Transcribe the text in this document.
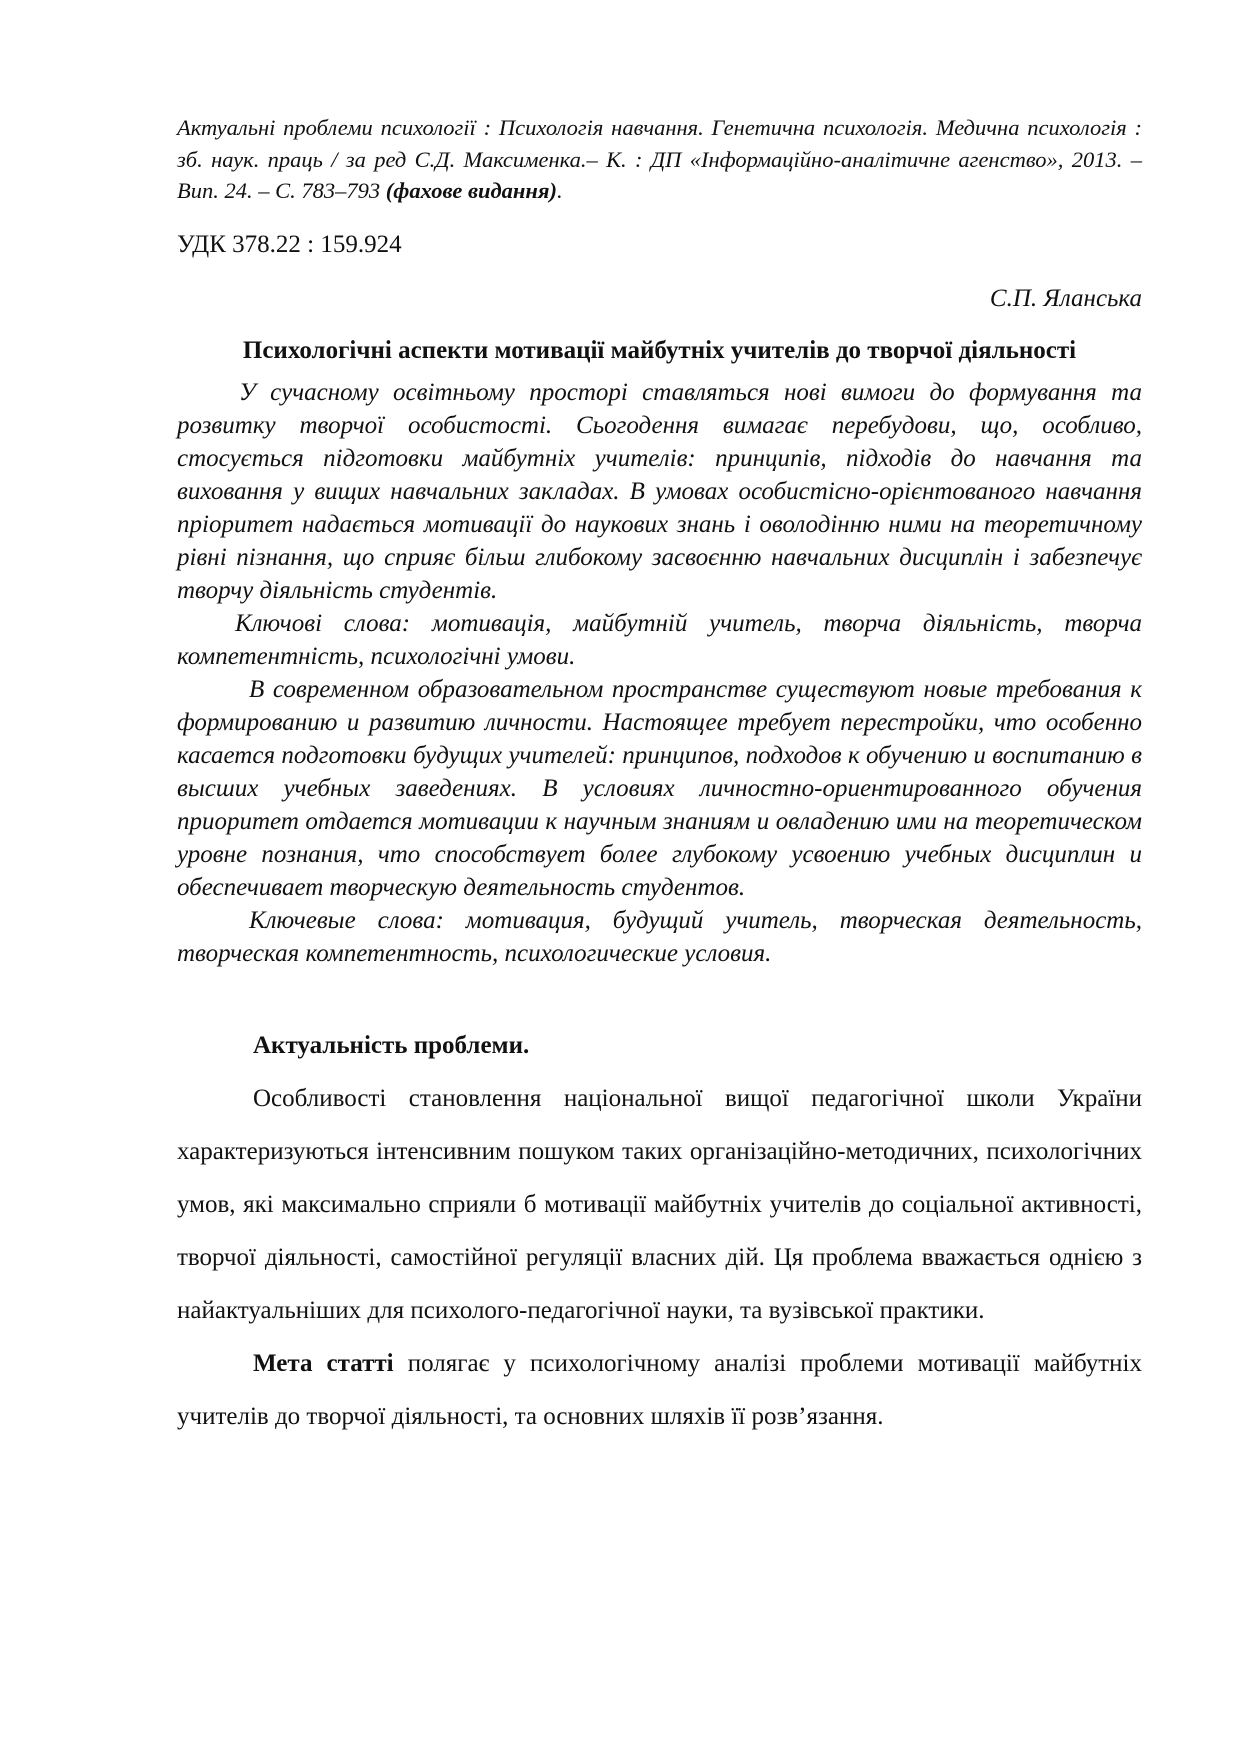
Актуальні проблеми психології : Психологія навчання. Генетична психологія. Медична психологія : зб. наук. праць / за ред С.Д. Максименка.– К. : ДП «Інформаційно-аналітичне агенство», 2013. – Вип. 24. – С. 783–793 (фахове видання).

УДК 378.22 : 159.924
С.П. Яланська
Психологічні аспекти мотивації майбутніх учителів до творчої діяльності

У сучасному освітньому просторі ставляться нові вимоги до формування та розвитку творчої особистості. Сьогодення вимагає перебудови, що, особливо, стосується підготовки майбутніх учителів: принципів, підходів до навчання та виховання у вищих навчальних закладах. В умовах особистісно-орієнтованого навчання пріоритет надається мотивації до наукових знань і оволодінню ними на теоретичному рівні пізнання, що сприяє більш глибокому засвоєнню навчальних дисциплін і забезпечує творчу діяльність студентів.

Ключові слова: мотивація, майбутній учитель, творча діяльність, творча компетентність, психологічні умови.

В современном образовательном пространстве существуют новые требования к формированию и развитию личности. Настоящее требует перестройки, что особенно касается подготовки будущих учителей: принципов, подходов к обучению и воспитанию в высших учебных заведениях. В условиях личностно-ориентированного обучения приоритет отдается мотивации к научным знаниям и овладению ими на теоретическом уровне познания, что способствует более глубокому усвоению учебных дисциплин и обеспечивает творческую деятельность студентов.

Ключевые слова: мотивация, будущий учитель, творческая деятельность, творческая компетентность, психологические условия.

Актуальність проблеми.

Особливості становлення національної вищої педагогічної школи України характеризуються інтенсивним пошуком таких організаційно-методичних, психологічних умов, які максимально сприяли б мотивації майбутніх учителів до соціальної активності, творчої діяльності, самостійної регуляції власних дій. Ця проблема вважається однією з найактуальніших для психолого-педагогічної науки, та вузівської практики.

Мета статті полягає у психологічному аналізі проблеми мотивації майбутніх учителів до творчої діяльності, та основних шляхів її розв’язання.
